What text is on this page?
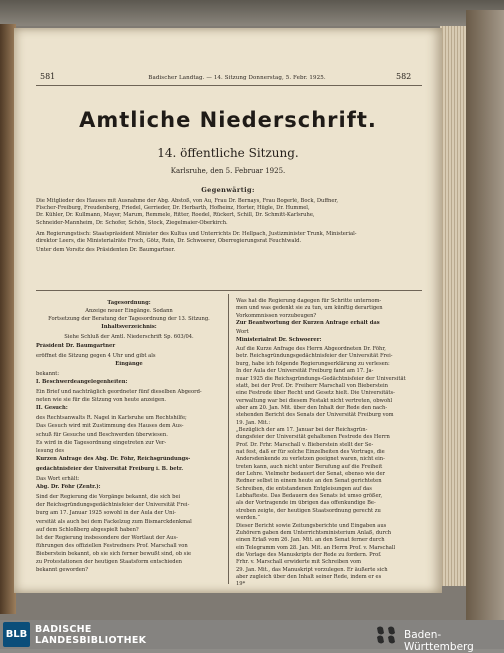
581	582
Badischer Landtag. — 14. Sitzung Donnerstag, 5. Febr. 1925.
Amtliche Niederschrift.
14. öffentliche Sitzung.
Karlsruhe, den 5. Februar 1925.
Gegenwärtig:
Die Mitglieder des Hauses mit Ausnahme der Abg. Abstoß, von Au, Frau Dr. Bernays, Frau Bogerlé, Bock, Duffner,
Fischer-Freiburg, Freudenberg, Friedel, Gerrieder, Dr. Herbarth, Hofheinz, Horter, Hügle, Dr. Hummel,
Dr. Kühler, Dr. Kullmann, Mayer, Marum, Remmele, Ritter, Roedel, Rückert, Schill, Dr. Schmitt-Karlsruhe,
Schneider-Mannheim, Dr. Schofer, Schön, Stock, Ziegelmaier-Oberkirch.
Am Regierungstisch: Staatspräsident Minister des Kultus und Unterrichts Dr. Hellpach, Justizminister Trunk, Ministerial-
direktor Leers, die Ministerialräte Froch, Götz, Rein, Dr. Schwoerer, Oberregierungsrat Feuchtwald.
Unter dem Vorsitz des Präsidenten Dr. Baumgartner.
Tagesordnung:
Anzeige neuer Eingänge. Sodann
Fortsetzung der Beratung der Tagesordnung der 13. Sitzung.
Inhaltsverzeichnis:
Siehe Schluß der Amtl. Niederschrift Sp. 603/04.
Präsident Dr. Baumgartner
eröffnet die Sitzung gegen 4 Uhr und gibt als
Eingänge
bekannt:
I. Beschwerdeangelegenheiten:
Ein Brief und nachträglich geordneter fünf dieselben Abgeord-
neten wie sie für die Sitzung von heute anzeigen.
II. Gesuch:
des Rechtsanwalts R. Nagel in Karlsruhe um Rechtshilfe;
Das Gesuch wird mit Zustimmung des Hauses dem Aus-
schuß für Gesuche und Beschwerden überwiesen.
Es wird in die Tagesordnung eingetreten zur Ver-
lesung des
Kurzen Anfrage des Abg. Dr. Föhr, Reichsgründungs-
gedächtnisfeier der Universität Freiburg i. B. betr.
Das Wort erhält:
Abg. Dr. Föhr (Zentr.):
Sind der Regierung die Vorgänge bekannt, die sich bei
der Reichsgründungsgedächtnisfeier der Universität Frei-
burg am 17. Januar 1925 sowohl in der Aula der Uni-
versität als auch bei dem Fackelzug zum Bismarckdenkmal
auf dem Schloßberg abgespielt haben?
Ist der Regierung insbesondere der Wortlaut der Aus-
führungen des offiziellen Festredners Prof. Marschall von
Bieberstein bekannt, ob sie sich ferner bewußt sind, ob sie
zu Protestationen der heutigen Staatsform entschieden
bekannt geworden?
Was hat die Regierung dagegen für Schritte unternom-
men und was gedenkt sie zu tun, um künftig derartigen
Vorkommnissen vorzubeugen?
Zur Beantwortung der Kurzen Anfrage erhält das
Wort
Ministerialrat Dr. Schwoerer:
Auf die Kurze Anfrage des Herrn Abgeordneten Dr. Föhr,
betr. Reichsgründungsgedächtnisfeier der Universität Frei-
burg, habe ich folgende Regierungserklärung zu verlesen:
In der Aula der Universität Freiburg fand am 17. Ja-
nuar 1925 die Reichsgründungs-Gedächtnisfeier der Universität
statt, bei der Prof. Dr. Freiherr Marschall von Bieberstein
eine Festrede über Recht und Gesetz hielt. Die Universitäts-
verwaltung war bei diesem Festakt nicht vertreten, obwohl
aber am 20. Jan. Mit. über den Inhalt der Rede den nach-
stehenden Bericht des Senats der Universität Freiburg vom
19. Jan. Mit.:
„Bezüglich der am 17. Januar bei der Reichsgrün-
dungsfeier der Universität gehaltenen Festrede des Herrn
Prof. Dr. Frhr. Marschall v. Bieberstein stellt der Se-
nat fest, daß er für solche Einzelheiten des Vortrags, die
Andersdenkende zu verletzen geeignet waren, nicht ein-
treten kann, auch nicht unter Berufung auf die Freiheit
der Lehre. Vielmehr bedauert der Senat, ebenso wie der
Redner selbst in einem heute an den Senat gerichteten
Schreiben, die entstandenen Entgleisungen auf das
Lebhafteste. Das Bedauern des Senats ist umso größer,
als der Vortragende im übrigen das offenkundige Be-
streben zeigte, der heutigen Staatsordnung gerecht zu
werden.“
Dieser Bericht sowie Zeitungsberichte und Eingaben aus
Zuhörern gaben dem Unterrichtsministerium Anlaß, durch
einen Erlaß vom 26. Jan. Mit. an den Senat ferner durch
ein Telegramm vom 28. Jan. Mit. an Herrn Prof. v. Marschall
die Vorlage des Manuskripts der Rede zu fordern. Prof.
Frhr. v. Marschall erwiderte mit Schreiben vom
29. Jan. Mit., das Manuskript vorzulegen. Er äußerte sich
aber zugleich über den Inhalt seiner Rede, indem er es
19*
BLB BADISCHE
LANDESBIBLIOTHEK	Baden-Württemberg
